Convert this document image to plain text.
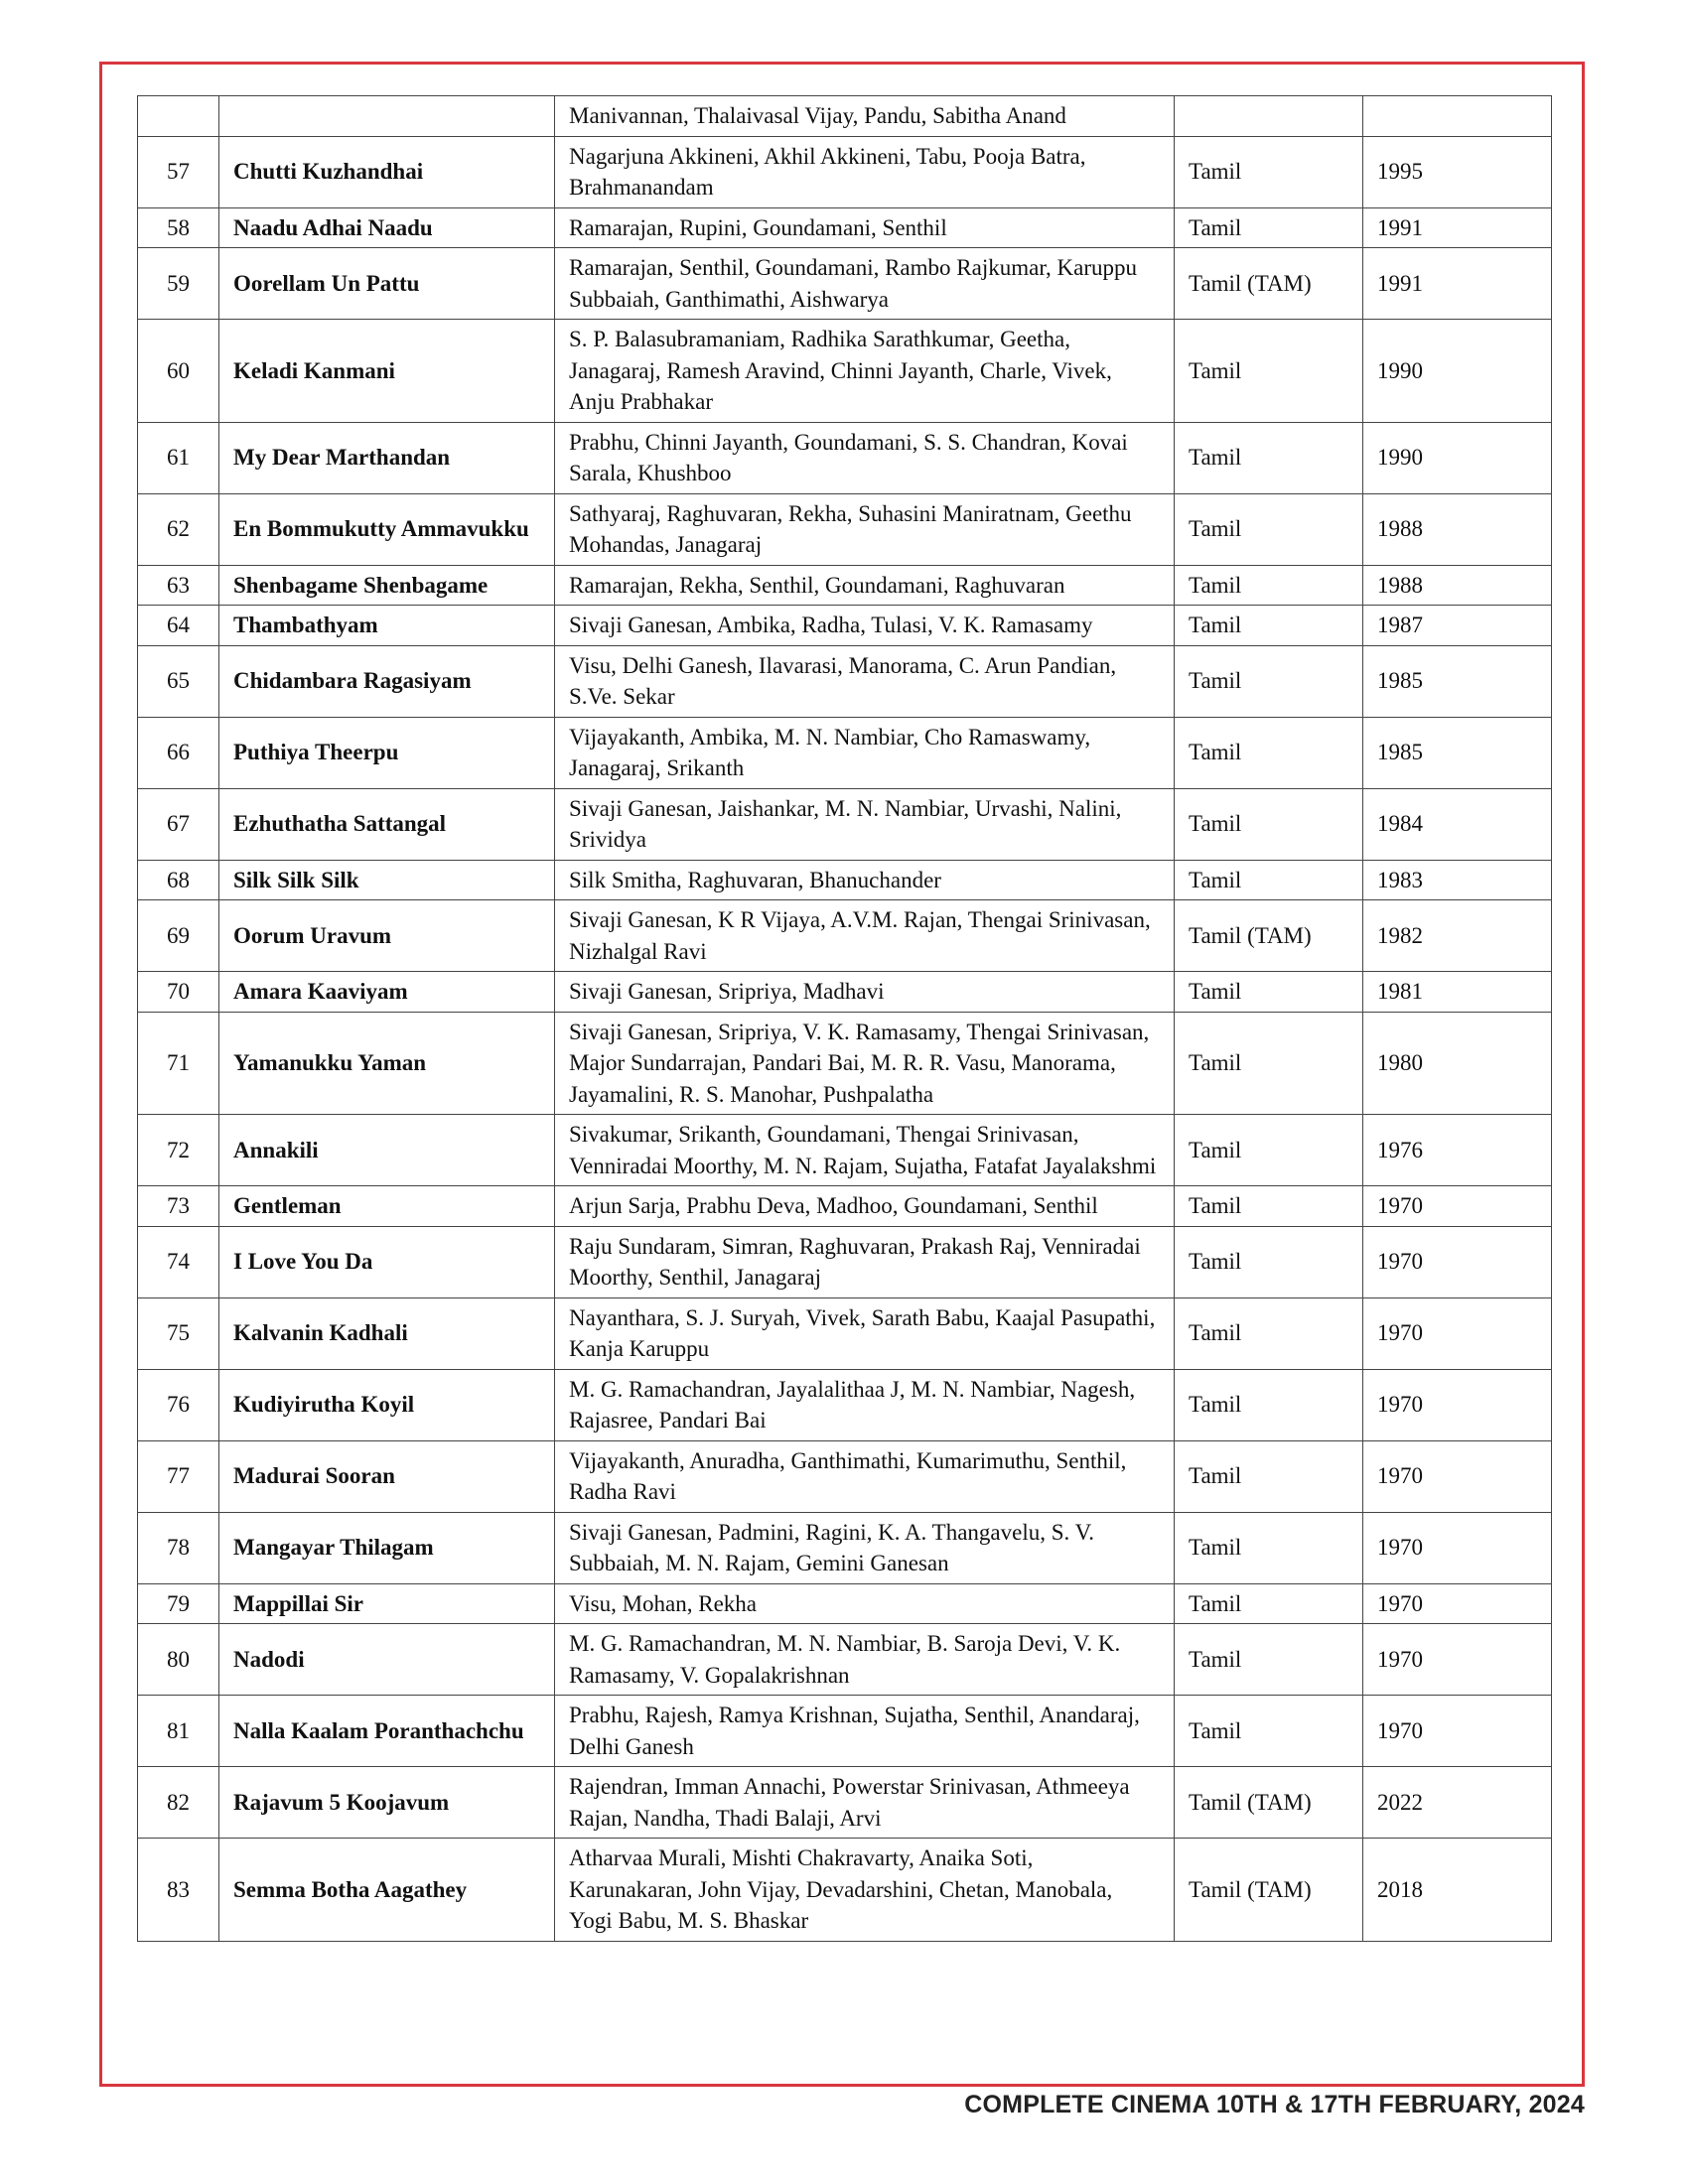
		Manivannan, Thalaivasal Vijay, Pandu, Sabitha Anand		
57	Chutti Kuzhandhai	Nagarjuna Akkineni, Akhil Akkineni, Tabu, Pooja Batra, Brahmanandam	Tamil	1995
58	Naadu Adhai Naadu	Ramarajan, Rupini, Goundamani, Senthil	Tamil	1991
59	Oorellam Un Pattu	Ramarajan, Senthil, Goundamani, Rambo Rajkumar, Karuppu Subbaiah, Ganthimathi, Aishwarya	Tamil (TAM)	1991
60	Keladi Kanmani	S. P. Balasubramaniam, Radhika Sarathkumar, Geetha, Janagaraj, Ramesh Aravind, Chinni Jayanth, Charle, Vivek, Anju Prabhakar	Tamil	1990
61	My Dear Marthandan	Prabhu, Chinni Jayanth, Goundamani, S. S. Chandran, Kovai Sarala, Khushboo	Tamil	1990
62	En Bommukutty Ammavukku	Sathyaraj, Raghuvaran, Rekha, Suhasini Maniratnam, Geethu Mohandas, Janagaraj	Tamil	1988
63	Shenbagame Shenbagame	Ramarajan, Rekha, Senthil, Goundamani, Raghuvaran	Tamil	1988
64	Thambathyam	Sivaji Ganesan, Ambika, Radha, Tulasi, V. K. Ramasamy	Tamil	1987
65	Chidambara Ragasiyam	Visu, Delhi Ganesh, Ilavarasi, Manorama, C. Arun Pandian, S.Ve. Sekar	Tamil	1985
66	Puthiya Theerpu	Vijayakanth, Ambika, M. N. Nambiar, Cho Ramaswamy, Janagaraj, Srikanth	Tamil	1985
67	Ezhuthatha Sattangal	Sivaji Ganesan, Jaishankar, M. N. Nambiar, Urvashi, Nalini, Srividya	Tamil	1984
68	Silk Silk Silk	Silk Smitha, Raghuvaran, Bhanuchander	Tamil	1983
69	Oorum Uravum	Sivaji Ganesan, K R Vijaya, A.V.M. Rajan, Thengai Srinivasan, Nizhalgal Ravi	Tamil (TAM)	1982
70	Amara Kaaviyam	Sivaji Ganesan, Sripriya, Madhavi	Tamil	1981
71	Yamanukku Yaman	Sivaji Ganesan, Sripriya, V. K. Ramasamy, Thengai Srinivasan, Major Sundarrajan, Pandari Bai, M. R. R. Vasu, Manorama, Jayamalini, R. S. Manohar, Pushpalatha	Tamil	1980
72	Annakili	Sivakumar, Srikanth, Goundamani, Thengai Srinivasan, Venniradai Moorthy, M. N. Rajam, Sujatha, Fatafat Jayalakshmi	Tamil	1976
73	Gentleman	Arjun Sarja, Prabhu Deva, Madhoo, Goundamani, Senthil	Tamil	1970
74	I Love You Da	Raju Sundaram, Simran, Raghuvaran, Prakash Raj, Venniradai Moorthy, Senthil, Janagaraj	Tamil	1970
75	Kalvanin Kadhali	Nayanthara, S. J. Suryah, Vivek, Sarath Babu, Kaajal Pasupathi, Kanja Karuppu	Tamil	1970
76	Kudiyirutha Koyil	M. G. Ramachandran, Jayalalithaa J, M. N. Nambiar, Nagesh, Rajasree, Pandari Bai	Tamil	1970
77	Madurai Sooran	Vijayakanth, Anuradha, Ganthimathi, Kumarimuthu, Senthil, Radha Ravi	Tamil	1970
78	Mangayar Thilagam	Sivaji Ganesan, Padmini, Ragini, K. A. Thangavelu, S. V. Subbaiah, M. N. Rajam, Gemini Ganesan	Tamil	1970
79	Mappillai Sir	Visu, Mohan, Rekha	Tamil	1970
80	Nadodi	M. G. Ramachandran, M. N. Nambiar, B. Saroja Devi, V. K. Ramasamy, V. Gopalakrishnan	Tamil	1970
81	Nalla Kaalam Poranthachchu	Prabhu, Rajesh, Ramya Krishnan, Sujatha, Senthil, Anandaraj, Delhi Ganesh	Tamil	1970
82	Rajavum 5 Koojavum	Rajendran, Imman Annachi, Powerstar Srinivasan, Athmeeya Rajan, Nandha, Thadi Balaji, Arvi	Tamil (TAM)	2022
83	Semma Botha Aagathey	Atharvaa Murali, Mishti Chakravarty, Anaika Soti, Karunakaran, John Vijay, Devadarshini, Chetan, Manobala, Yogi Babu, M. S. Bhaskar	Tamil (TAM)	2018
COMPLETE CINEMA 10TH & 17TH FEBRUARY, 2024
